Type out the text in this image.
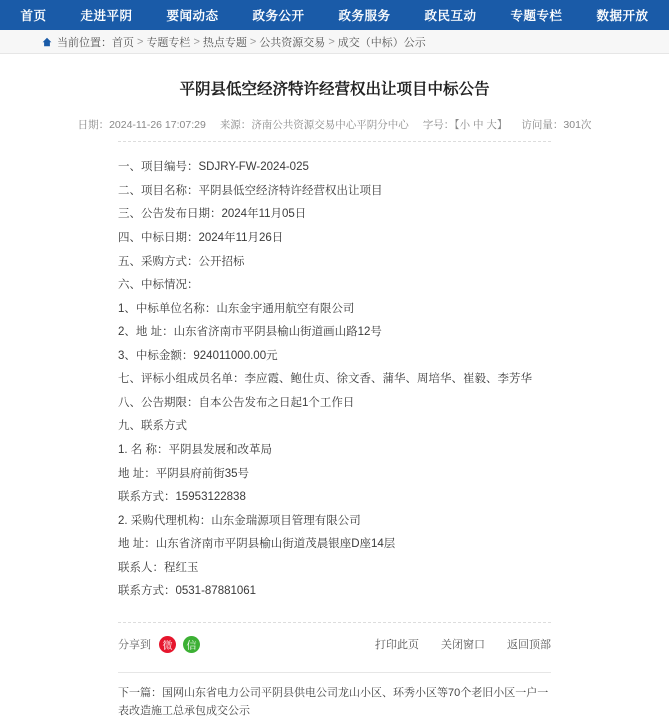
首页	走进平阴	要闻动态	政务公开	政务服务	政民互动	专题专栏	数据开放
当前位置： 首页 > 专题专栏 > 热点专题 > 公共资源交易 > 成交（中标）公示
平阴县低空经济特许经营权出让项目中标公告
日期：2024-11-26 17:07:29 来源：济南公共资源交易中心平阴分中心 字号：【小 中 大】 访问量：301次

一、项目编号：SDJRY-FW-2024-025

二、项目名称：平阴县低空经济特许经营权出让项目

三、公告发布日期：2024年11月05日

四、中标日期：2024年11月26日

五、采购方式：公开招标

六、中标情况：

1、中标单位名称：山东金宇通用航空有限公司

2、地 址：山东省济南市平阴县榆山街道画山路12号

3、中标金额：924011000.00元

七、评标小组成员名单：李应霞、鲍仕贞、徐文香、蒲华、周培华、崔毅、李芳华

八、公告期限：自本公告发布之日起1个工作日

九、联系方式

1. 名 称：平阴县发展和改革局

地 址：平阴县府前街35号

联系方式：15953122838

2. 采购代理机构：山东金瑞源项目管理有限公司

地 址：山东省济南市平阴县榆山街道茂晨银座D座14层

联系人：程红玉

联系方式：0531-87881061

分享到	微	信	打印此页 关闭窗口 返回顶部
下一篇：国网山东省电力公司平阴县供电公司龙山小区、环秀小区等70个老旧小区一户一表改造施工总承包成交公示
